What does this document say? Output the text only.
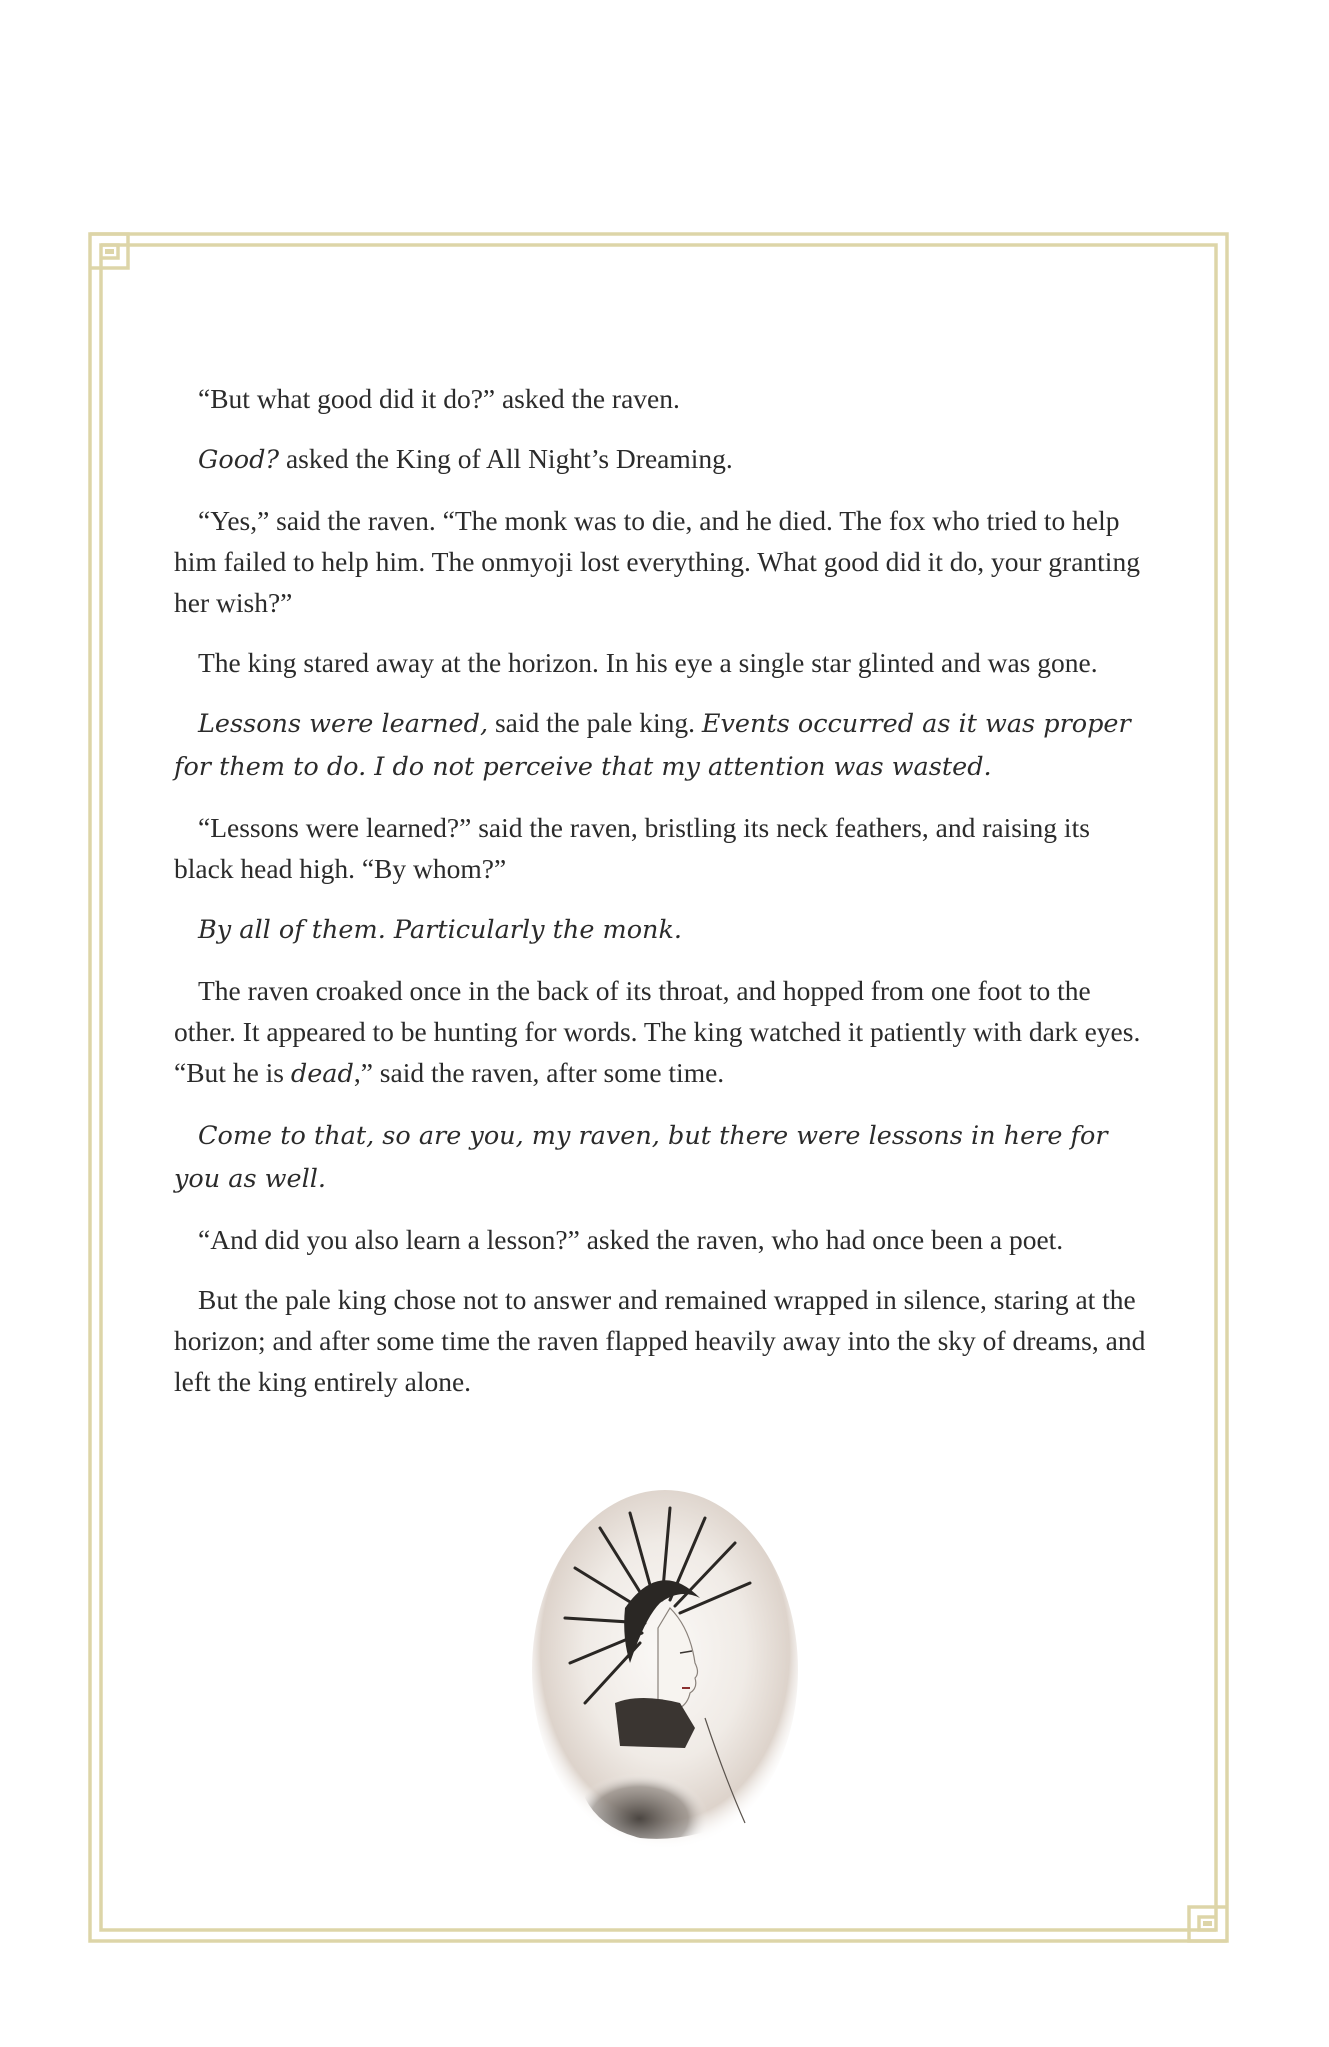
“But what good did it do?” asked the raven.

Good? asked the King of All Night’s Dreaming.

“Yes,” said the raven. “The monk was to die, and he died. The fox who tried to help him failed to help him. The onmyoji lost everything. What good did it do, your granting her wish?”

The king stared away at the horizon. In his eye a single star glinted and was gone.

Lessons were learned, said the pale king. Events occurred as it was proper for them to do. I do not perceive that my attention was wasted.

“Lessons were learned?” said the raven, bristling its neck feathers, and raising its black head high. “By whom?”

By all of them. Particularly the monk.

The raven croaked once in the back of its throat, and hopped from one foot to the other. It appeared to be hunting for words. The king watched it patiently with dark eyes. “But he is dead,” said the raven, after some time.

Come to that, so are you, my raven, but there were lessons in here for you as well.

“And did you also learn a lesson?” asked the raven, who had once been a poet.

But the pale king chose not to answer and remained wrapped in silence, staring at the horizon; and after some time the raven flapped heavily away into the sky of dreams, and left the king entirely alone.
